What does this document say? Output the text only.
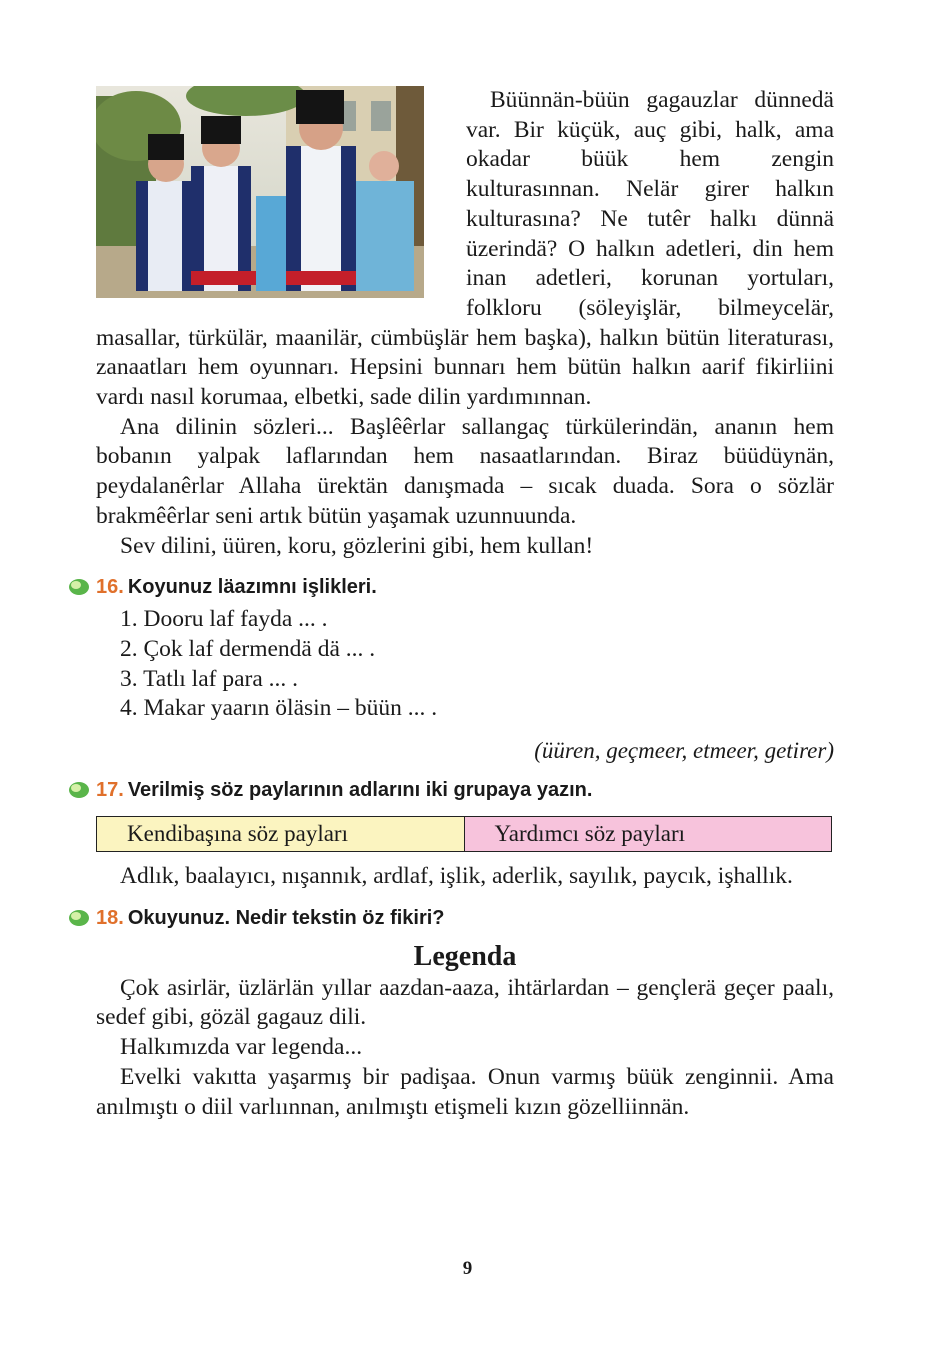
Büünnän-büün gagauzlar dünnedä var. Bir küçük, auç gibi, halk, ama okadar büük hem zengin kulturasınnan. Nelär girer halkın kulturasına? Ne tutêr halkı dünnä üzerindä? O halkın adetleri, din hem inan adetleri, korunan yortuları, folkloru (söleyişlär, bilmeycelär, masallar, türkülär, maanilär, cümbüşlär hem başka), halkın bütün literaturası, zanaatları hem oyunnarı. Hepsini bunnarı hem bütün halkın aarif fikirliini vardı nasıl korumaa, elbetki, sade dilin yardımınnan.

Ana dilinin sözleri... Başlêêrlar sallangaç türkülerindän, ananın hem bobanın yalpak laflarından hem nasaatlarından. Biraz büüdüynän, peydalanêrlar Allaha ürektän danışmada – sıcak duada. Sora o sözlär brakmêêrlar seni artık bütün yaşamak uzunnuunda.

Sev dilini, üüren, koru, gözlerini gibi, hem kullan!

16. Koyunuz läazımnı işlikleri.
1. Dooru laf fayda ... .
2. Çok laf dermendä dä ... .
3. Tatlı laf para ... .
4. Makar yaarın öläsin – büün ... .
(üüren, geçmeer, etmeer, getirer)
17. Verilmiş söz paylarının adlarını iki grupaya yazın.
Kendibaşına söz payları	Yardımcı söz payları

Adlık, baalayıcı, nışannık, ardlaf, işlik, aderlik, sayılık, paycık, işhallık.

18. Okuyunuz. Nedir tekstin öz fikiri?
Legenda

Çok asirlär, üzlärlän yıllar aazdan-aaza, ihtärlardan – gençlerä geçer paalı, sedef gibi, gözäl gagauz dili.

Halkımızda var legenda...

Evelki vakıtta yaşarmış bir padişaa. Onun varmış büük zenginnii. Ama anılmıştı o diil varlıınnan, anılmıştı etişmeli kızın gözelliinnän.

9
